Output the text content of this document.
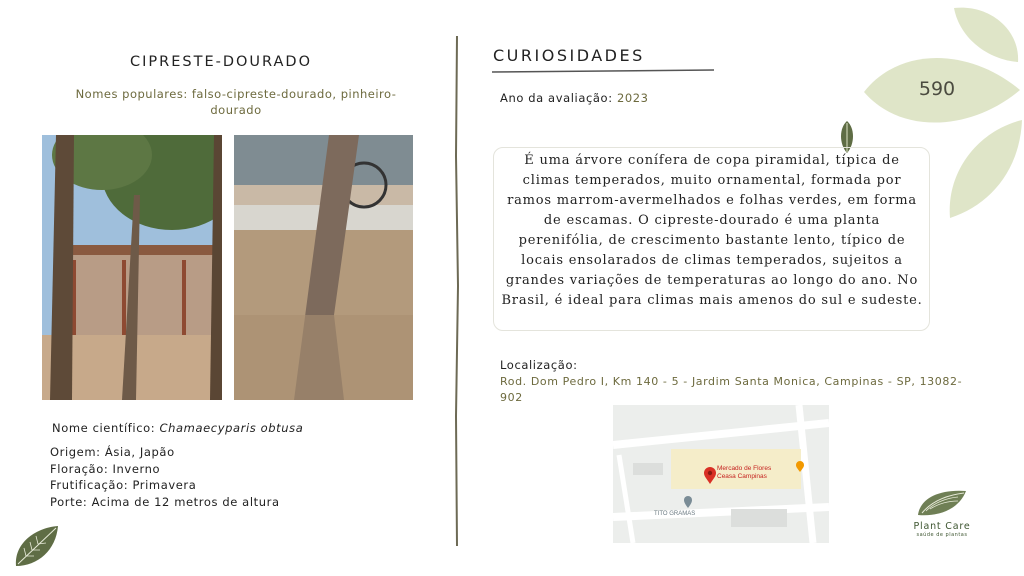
590
CIPRESTE-DOURADO
Nomes populares: falso-cipreste-dourado, pinheiro-dourado
Nome científico: Chamaecyparis obtusa
Origem: Ásia, Japão
Floração: Inverno
Frutificação: Primavera
Porte: Acima de 12 metros de altura
CURIOSIDADES
Ano da avaliação: 2023
É uma árvore conífera de copa piramidal, típica de climas temperados, muito ornamental, formada por ramos marrom-avermelhados e folhas verdes, em forma de escamas. O cipreste-dourado é uma planta perenifólia, de crescimento bastante lento, típico de locais ensolarados de climas temperados, sujeitos a grandes variações de temperaturas ao longo do ano. No Brasil, é ideal para climas mais amenos do sul e sudeste.
Localização:
Rod. Dom Pedro I, Km 140 - 5 - Jardim Santa Monica, Campinas - SP, 13082-902
Mercado de Flores
Ceasa Campinas
TITO GRAMAS
Plant Care
saúde de plantas
